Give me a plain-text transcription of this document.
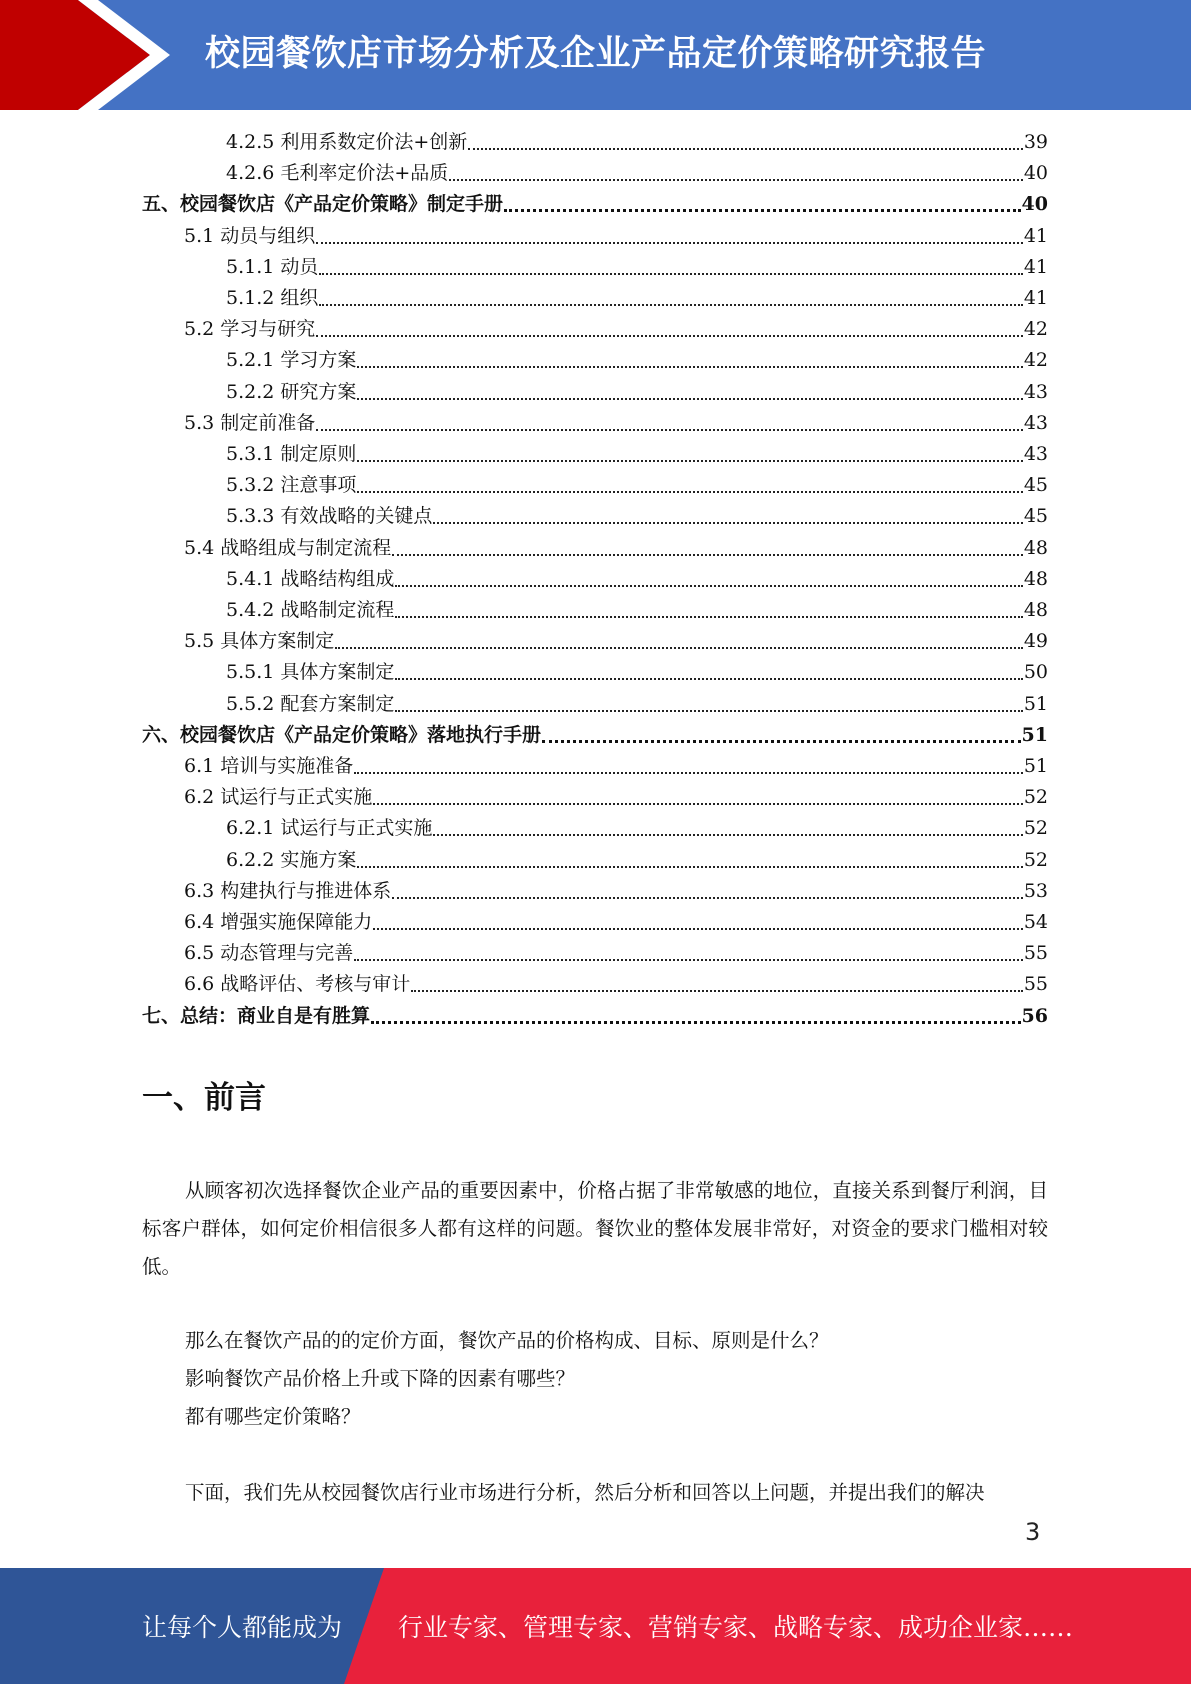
校园餐饮店市场分析及企业产品定价策略研究报告
4.2.5 利用系数定价法+创新	39
4.2.6 毛利率定价法+品质	40
五、校园餐饮店《产品定价策略》制定手册	40
5.1 动员与组织	41
5.1.1 动员	41
5.1.2 组织	41
5.2 学习与研究	42
5.2.1 学习方案	42
5.2.2 研究方案	43
5.3 制定前准备	43
5.3.1 制定原则	43
5.3.2 注意事项	45
5.3.3 有效战略的关键点	45
5.4 战略组成与制定流程	48
5.4.1 战略结构组成	48
5.4.2 战略制定流程	48
5.5 具体方案制定	49
5.5.1 具体方案制定	50
5.5.2 配套方案制定	51
六、校园餐饮店《产品定价策略》落地执行手册	51
6.1 培训与实施准备	51
6.2 试运行与正式实施	52
6.2.1 试运行与正式实施	52
6.2.2 实施方案	52
6.3 构建执行与推进体系	53
6.4 增强实施保障能力	54
6.5 动态管理与完善	55
6.6 战略评估、考核与审计	55
七、总结：商业自是有胜算	56
一、前言

从顾客初次选择餐饮企业产品的重要因素中，价格占据了非常敏感的地位，直接关系到餐厅利润，目标客户群体，如何定价相信很多人都有这样的问题。餐饮业的整体发展非常好，对资金的要求门槛相对较低。

那么在餐饮产品的的定价方面，餐饮产品的价格构成、目标、原则是什么？

影响餐饮产品价格上升或下降的因素有哪些？

都有哪些定价策略？

下面，我们先从校园餐饮店行业市场进行分析，然后分析和回答以上问题，并提出我们的解决

3
让每个人都能成为 行业专家、管理专家、营销专家、战略专家、成功企业家……
